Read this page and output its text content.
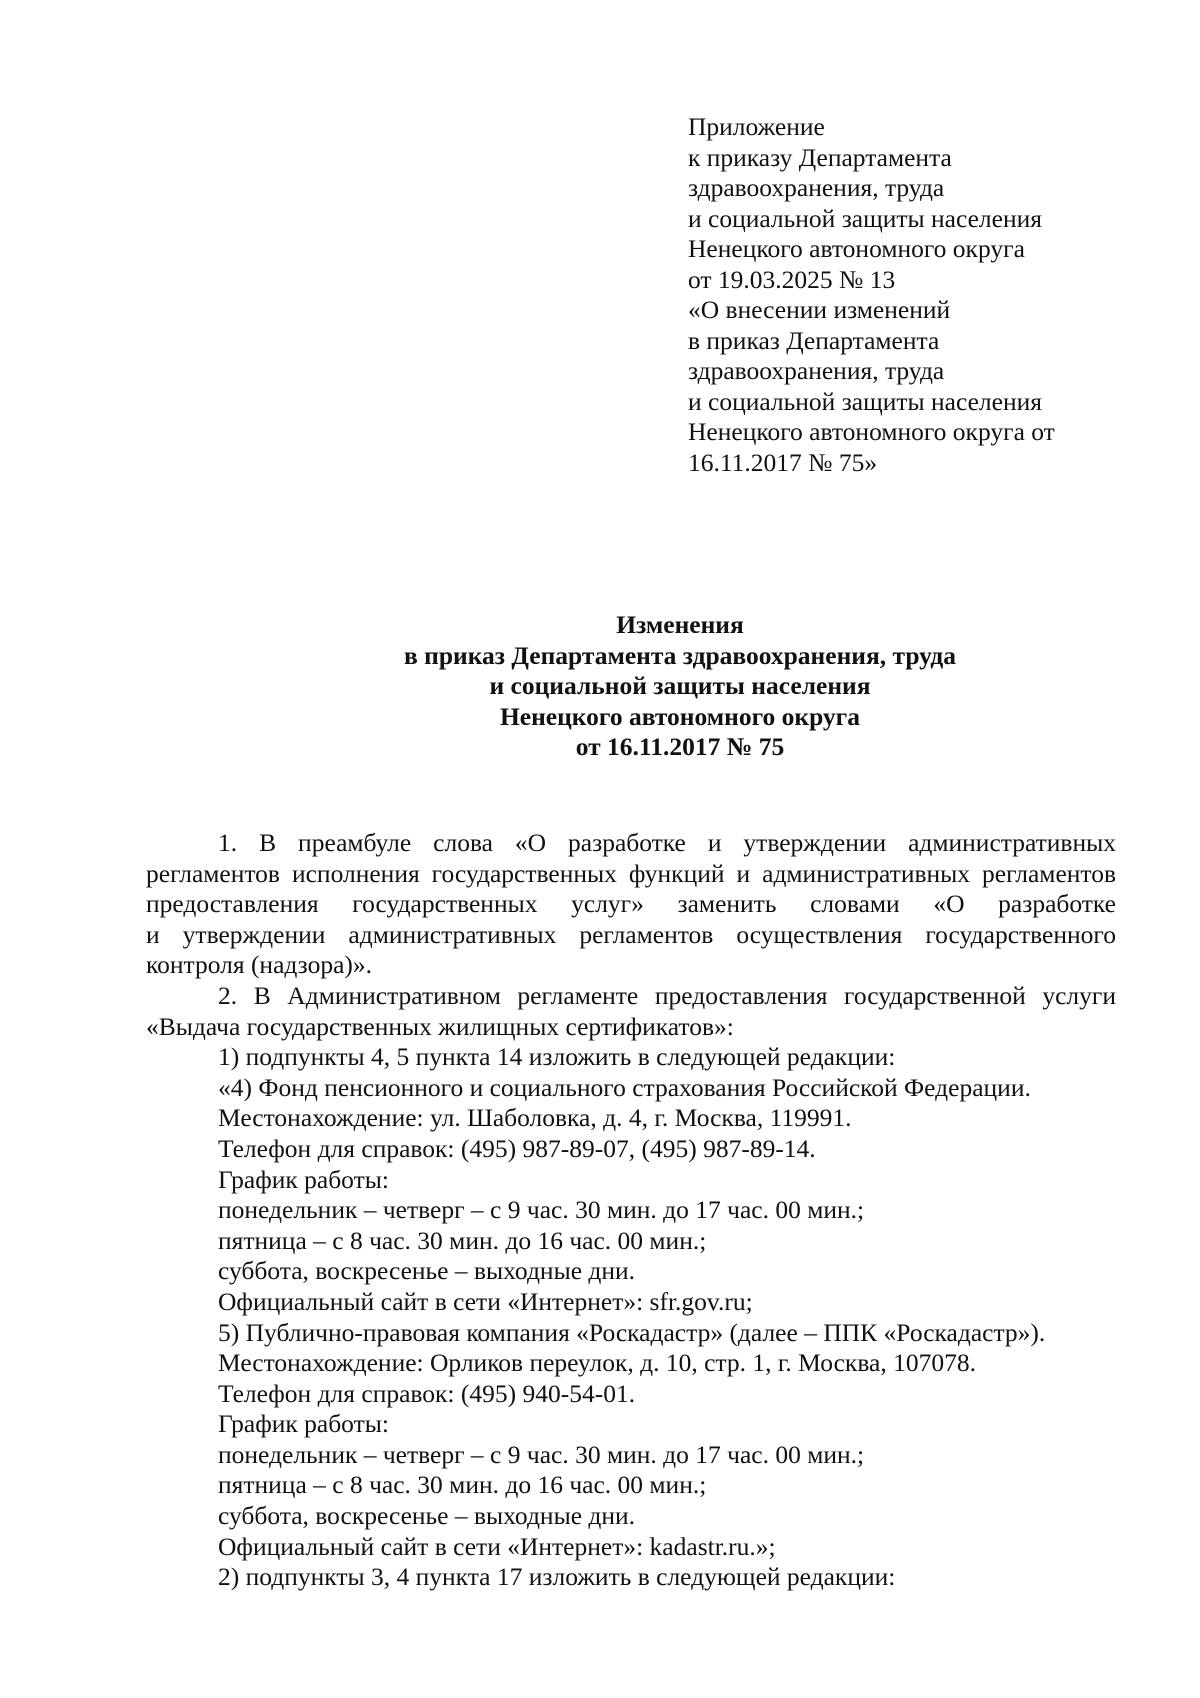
Приложение
к приказу Департамента
здравоохранения, труда
и социальной защиты населения
Ненецкого автономного округа
от 19.03.2025 № 13
«О внесении изменений
в приказ Департамента
здравоохранения, труда
и социальной защиты населения
Ненецкого автономного округа от
16.11.2017 № 75»
Изменения
в приказ Департамента здравоохранения, труда
и социальной защиты населения
Ненецкого автономного округа
от 16.11.2017 № 75
1. В преамбуле слова «О разработке и утверждении административных
регламентов исполнения государственных функций и административных регламентов
предоставления государственных услуг» заменить словами «О разработке
и утверждении административных регламентов осуществления государственного
контроля (надзора)».
2. В Административном регламенте предоставления государственной услуги
«Выдача государственных жилищных сертификатов»:
1) подпункты 4, 5 пункта 14 изложить в следующей редакции:
«4) Фонд пенсионного и социального страхования Российской Федерации.
Местонахождение: ул. Шаболовка, д. 4, г. Москва, 119991.
Телефон для справок: (495) 987-89-07, (495) 987-89-14.
График работы:
понедельник – четверг – с 9 час. 30 мин. до 17 час. 00 мин.;
пятница – с 8 час. 30 мин. до 16 час. 00 мин.;
суббота, воскресенье – выходные дни.
Официальный сайт в сети «Интернет»: sfr.gov.ru;
5) Публично-правовая компания «Роскадастр» (далее – ППК «Роскадастр»).
Местонахождение: Орликов переулок, д. 10, стр. 1, г. Москва, 107078.
Телефон для справок: (495) 940-54-01.
График работы:
понедельник – четверг – с 9 час. 30 мин. до 17 час. 00 мин.;
пятница – с 8 час. 30 мин. до 16 час. 00 мин.;
суббота, воскресенье – выходные дни.
Официальный сайт в сети «Интернет»: kadastr.ru.»;
2) подпункты 3, 4 пункта 17 изложить в следующей редакции:
